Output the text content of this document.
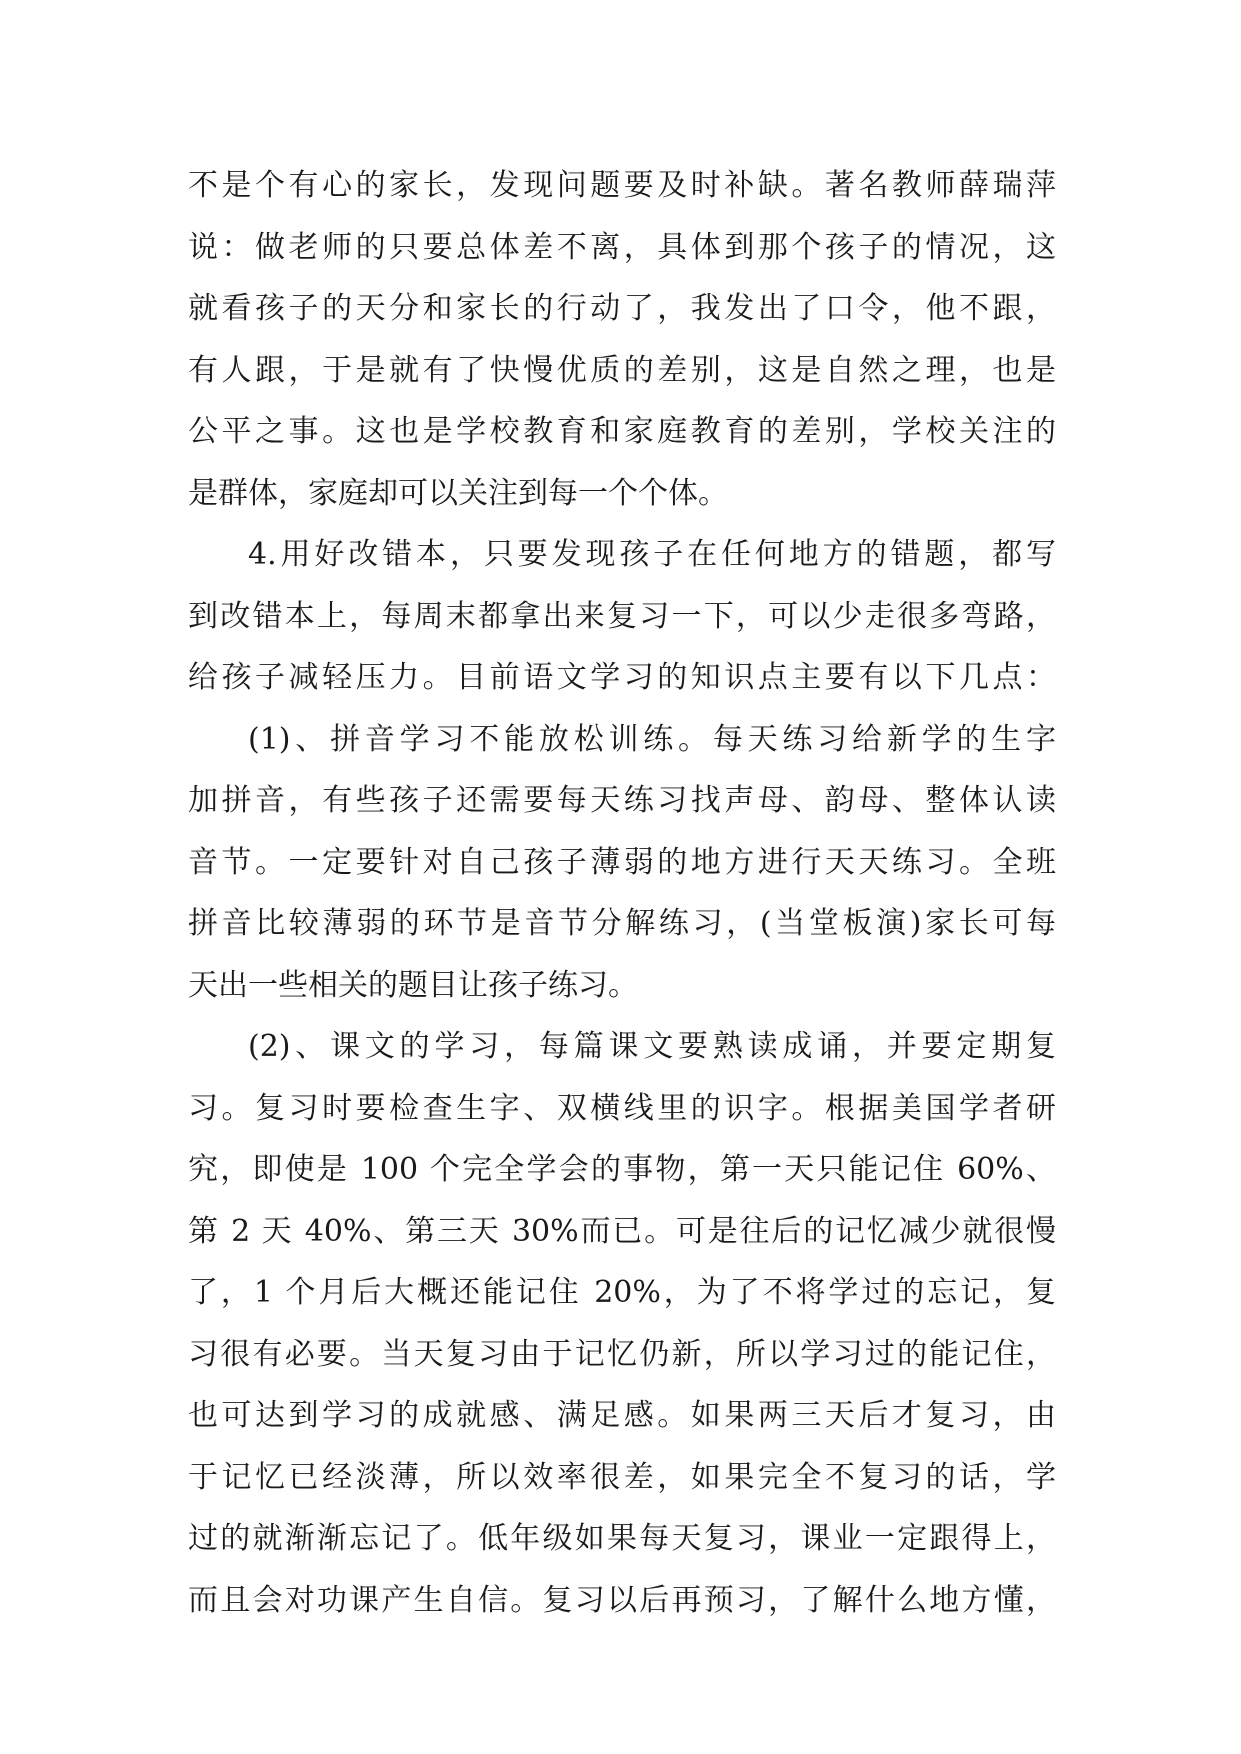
不是个有心的家长，发现问题要及时补缺。著名教师薛瑞萍
说：做老师的只要总体差不离，具体到那个孩子的情况，这
就看孩子的天分和家长的行动了，我发出了口令，他不跟，
有人跟，于是就有了快慢优质的差别，这是自然之理，也是
公平之事。这也是学校教育和家庭教育的差别，学校关注的
是群体，家庭却可以关注到每一个个体。
4.用好改错本，只要发现孩子在任何地方的错题，都写
到改错本上，每周末都拿出来复习一下，可以少走很多弯路，
给孩子减轻压力。目前语文学习的知识点主要有以下几点：
(1)、拼音学习不能放松训练。每天练习给新学的生字
加拼音，有些孩子还需要每天练习找声母、韵母、整体认读
音节。一定要针对自己孩子薄弱的地方进行天天练习。全班
拼音比较薄弱的环节是音节分解练习，(当堂板演)家长可每
天出一些相关的题目让孩子练习。
(2)、课文的学习，每篇课文要熟读成诵，并要定期复
习。复习时要检查生字、双横线里的识字。根据美国学者研
究，即使是 100 个完全学会的事物，第一天只能记住 60%、
第 2 天 40%、第三天 30%而已。可是往后的记忆减少就很慢
了，1 个月后大概还能记住 20%，为了不将学过的忘记，复
习很有必要。当天复习由于记忆仍新，所以学习过的能记住，
也可达到学习的成就感、满足感。如果两三天后才复习，由
于记忆已经淡薄，所以效率很差，如果完全不复习的话，学
过的就渐渐忘记了。低年级如果每天复习，课业一定跟得上，
而且会对功课产生自信。复习以后再预习，了解什么地方懂，
